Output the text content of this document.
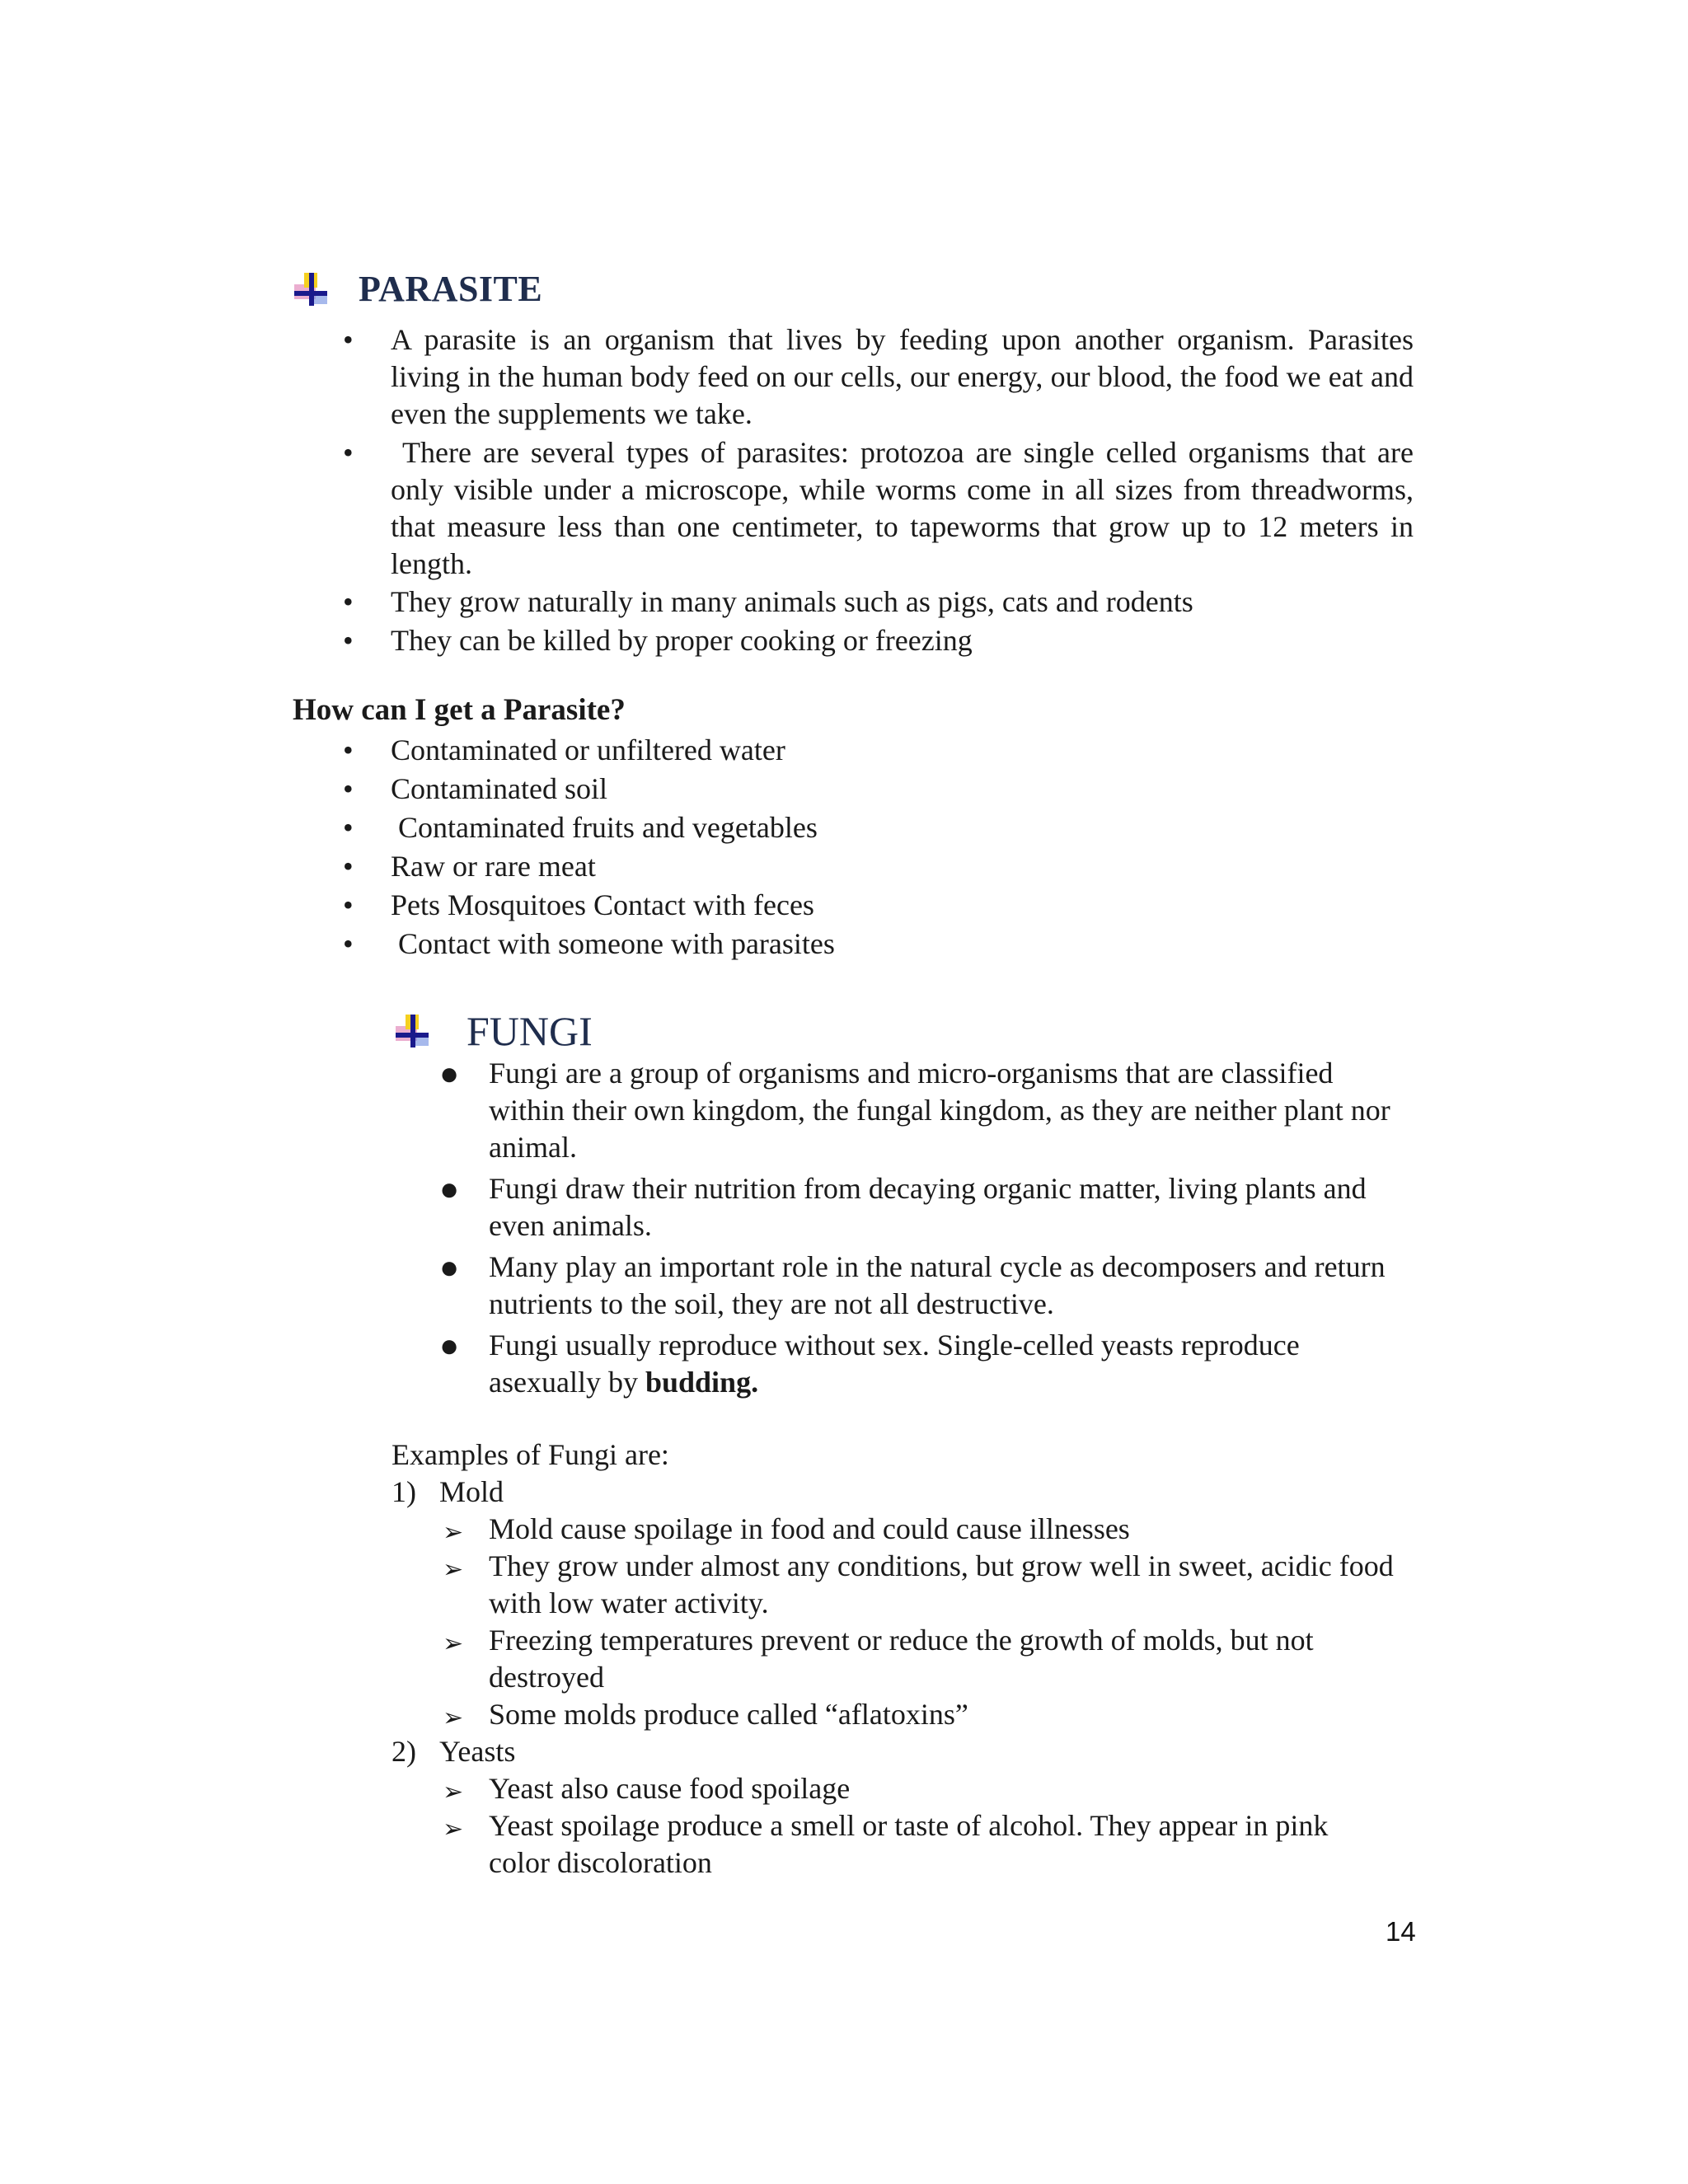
PARASITE
• A parasite is an organism that lives by feeding upon another organism. Parasites living in the human body feed on our cells, our energy, our blood, the food we eat and even the supplements we take.
• There are several types of parasites: protozoa are single celled organisms that are only visible under a microscope, while worms come in all sizes from threadworms, that measure less than one centimeter, to tapeworms that grow up to 12 meters in length.
• They grow naturally in many animals such as pigs, cats and rodents
• They can be killed by proper cooking or freezing
How can I get a Parasite?
• Contaminated or unfiltered water
• Contaminated soil
• Contaminated fruits and vegetables
• Raw or rare meat
• Pets Mosquitoes Contact with feces
• Contact with someone with parasites
FUNGI
● Fungi are a group of organisms and micro-organisms that are classified within their own kingdom, the fungal kingdom, as they are neither plant nor animal.
● Fungi draw their nutrition from decaying organic matter, living plants and even animals.
● Many play an important role in the natural cycle as decomposers and return nutrients to the soil, they are not all destructive.
● Fungi usually reproduce without sex. Single-celled yeasts reproduce asexually by budding.
Examples of Fungi are:
1) Mold
➢ Mold cause spoilage in food and could cause illnesses
➢ They grow under almost any conditions, but grow well in sweet, acidic food with low water activity.
➢ Freezing temperatures prevent or reduce the growth of molds, but not destroyed
➢ Some molds produce called “aflatoxins”
2) Yeasts
➢ Yeast also cause food spoilage
➢ Yeast spoilage produce a smell or taste of alcohol. They appear in pink color discoloration
14
